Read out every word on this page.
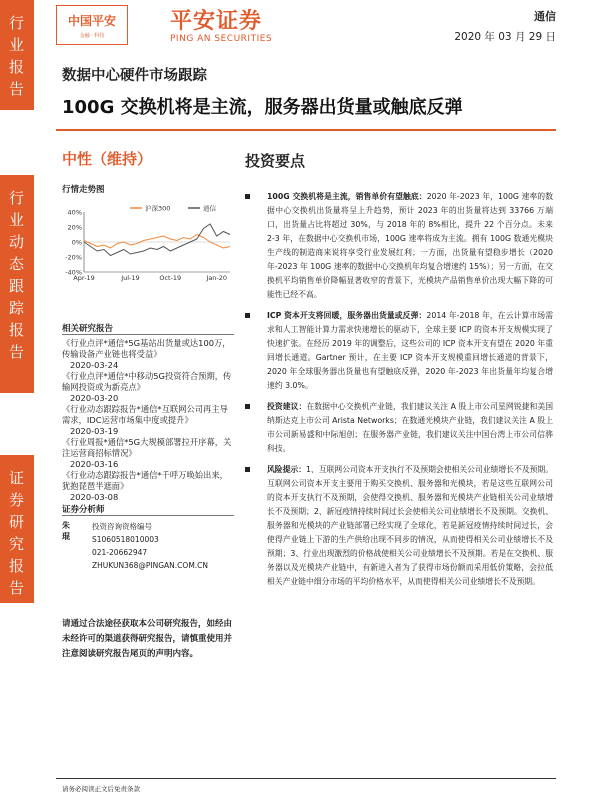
行
业
报
告
行
业
动
态
跟
踪
报
告
证
券
研
究
报
告
中国平安
金融 · 科技
平安证券
PING AN SECURITIES
通信
2020 年 03 月 29 日
数据中心硬件市场跟踪
100G 交换机将是主流，服务器出货量或触底反弹
中性（维持）
行情走势图
40%
20%
0%
-20%
-40%
Apr-19	Jul-19	Oct-19	Jan-20
沪深300	通信
相关研究报告
《行业点评*通信*5G基站出货量或达100万，传输设备产业链也将受益》
2020-03-24
《行业点评*通信*中移动5G投资符合预期，传输网投资或为新亮点》
2020-03-20
《行业动态跟踪报告*通信*互联网公司再主导需求，IDC运营市场集中度或提升》
2020-03-19
《行业周报*通信*5G大规模部署拉开序幕，关注运营商招标情况》
2020-03-16
《行业动态跟踪报告*通信*千呼万唤始出来，犹抱琵琶半遮面》
2020-03-08
证券分析师
朱琨
投资咨询资格编号
S1060518010003
021-20662947
ZHUKUN368@PINGAN.COM.CN
请通过合法途径获取本公司研究报告，如经由未经许可的渠道获得研究报告，请慎重使用并注意阅读研究报告尾页的声明内容。
投资要点
100G 交换机将是主流，销售单价有望触底：2020 年-2023 年，100G 速率的数据中心交换机出货量将呈上升趋势，预计 2023 年的出货量将达到 33766 万端口，出货量占比将超过 30%，与 2018 年的 8%相比，提升 22 个百分点。未来 2-3 年，在数据中心交换机市场，100G 速率将成为主流。拥有 100G 数通光模块生产线的制造商来说将享受行业发展红利；一方面，出货量有望稳步增长（2020 年-2023 年 100G 速率的数据中心交换机年均复合增速约 15%）；另一方面，在交换机平均销售单价降幅显著收窄的背景下，光模块产品销售单价出现大幅下降的可能性已经不高。
ICP 资本开支将回暖，服务器出货量或反弹：2014 年-2018 年，在云计算市场需求和人工智能计算力需求快速增长的驱动下，全球主要 ICP 的资本开支规模实现了快速扩张。在经历 2019 年的调整后，这些公司的 ICP 资本开支有望在 2020 年重回增长通道。Gartner 预计，在主要 ICP 资本开支规模重回增长通道的背景下，2020 年全球服务器出货量也有望触底反弹，2020 年-2023 年出货量年均复合增速约 3.0%。
投资建议：在数据中心交换机产业链，我们建议关注 A 股上市公司星网锐捷和美国纳斯达克上市公司 Arista Networks；在数通光模块产业链，我们建议关注 A 股上市公司新易盛和中际旭创；在服务器产业链，我们建议关注中国台湾上市公司信骅科技。
风险提示：1、互联网公司资本开支执行不及预期会使相关公司业绩增长不及预期。互联网公司资本开支主要用于购买交换机、服务器和光模块，若是这些互联网公司的资本开支执行不及预期，会使得交换机、服务器和光模块产业链相关公司业绩增长不及预期；2、新冠疫情持续时间过长会使相关公司业绩增长不及预期。交换机、服务器和光模块的产业链部署已经实现了全球化，若是新冠疫情持续时间过长，会使得产业链上下游的生产供给出现不同步的情况，从而使得相关公司业绩增长不及预期；3、行业出现激烈的价格战使相关公司业绩增长不及预期。若是在交换机、服务器以及光模块产业链中，有新进入者为了获得市场份额而采用低价策略，会拉低相关产业链中细分市场的平均价格水平，从而使得相关公司业绩增长不及预期。
请务必阅读正文后免责条款
